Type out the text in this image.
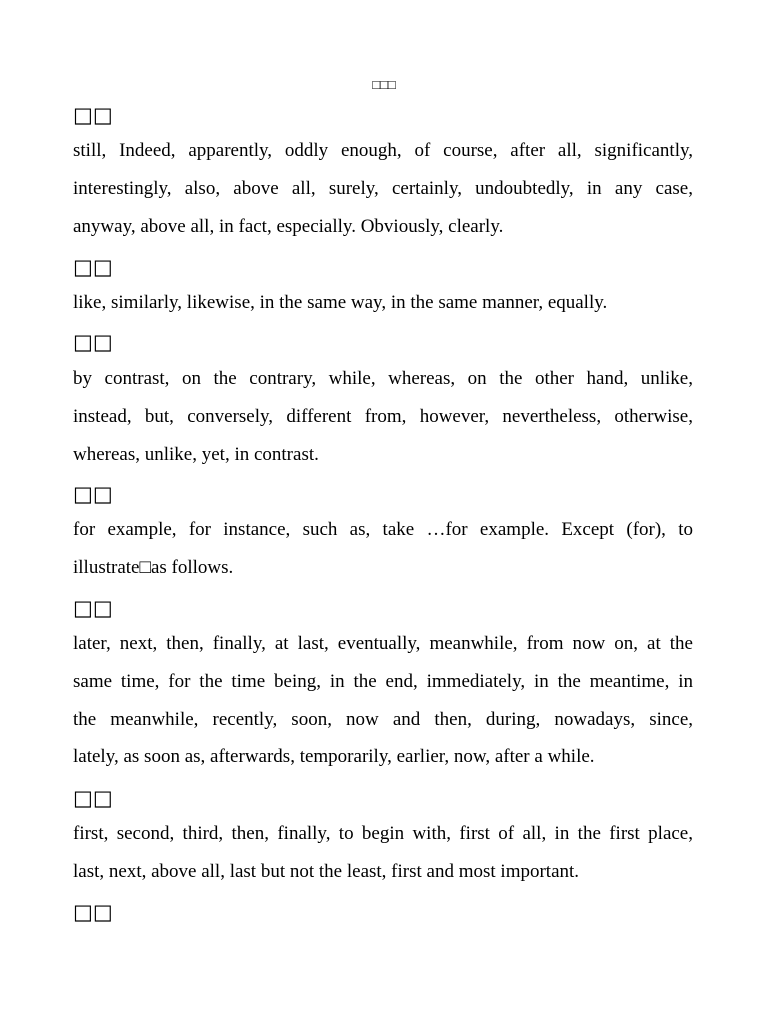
□□□
□□
still, Indeed, apparently, oddly enough, of course, after all, significantly,
interestingly, also, above all, surely, certainly, undoubtedly, in any case,
anyway, above all, in fact, especially. Obviously, clearly.
□□
like, similarly, likewise, in the same way, in the same manner, equally.
□□
by contrast, on the contrary, while, whereas, on the other hand, unlike,
instead, but, conversely, different from, however, nevertheless, otherwise,
whereas, unlike, yet, in contrast.
□□
for example, for instance, such as, take …for example. Except (for), to
illustrate□as follows.
□□
later, next, then, finally, at last, eventually, meanwhile, from now on, at the
same time, for the time being, in the end, immediately, in the meantime, in
the meanwhile, recently, soon, now and then, during, nowadays, since,
lately, as soon as, afterwards, temporarily, earlier, now, after a while.
□□
first, second, third, then, finally, to begin with, first of all, in the first place,
last, next, above all, last but not the least, first and most important.
□□
